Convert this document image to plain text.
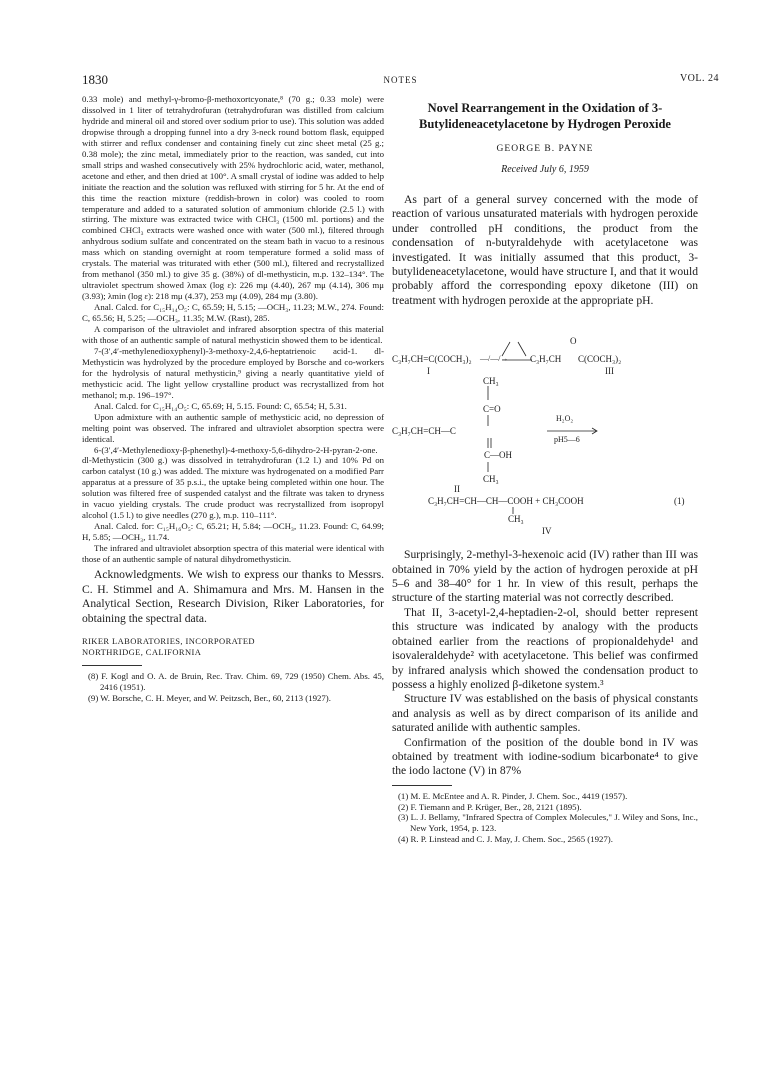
1830	NOTES	VOL. 24

0.33 mole) and methyl-γ-bromo-β-methoxortcyonate,⁸ (70 g.; 0.33 mole) were dissolved in 1 liter of tetrahydrofuran (tetrahydrofuran was distilled from calcium hydride and mineral oil and stored over sodium prior to use). This solution was added dropwise through a dropping funnel into a dry 3-neck round bottom flask, equipped with stirrer and reflux condenser and containing finely cut zinc sheet metal (25 g.; 0.38 mole); the zinc metal, immediately prior to the reaction, was sanded, cut into small strips and washed consecutively with 25% hydrochloric acid, water, methanol, acetone and ether, and then dried at 100°. A small crystal of iodine was added to help initiate the reaction and the solution was refluxed with stirring for 5 hr. At the end of this time the reaction mixture (reddish-brown in color) was cooled to room temperature and added to a saturated solution of ammonium chloride (2.5 l.) with stirring. The mixture was extracted twice with CHCl₃ (1500 ml. portions) and the combined CHCl₃ extracts were washed once with water (500 ml.), filtered through anhydrous sodium sulfate and concentrated on the steam bath in vacuo to a resinous mass which on standing overnight at room temperature formed a solid mass of crystals. The material was triturated with ether (500 ml.), filtered and recrystallized from methanol (350 ml.) to give 35 g. (38%) of dl-methysticin, m.p. 132–134°. The ultraviolet spectrum showed λmax (log ε): 226 mμ (4.40), 267 mμ (4.14), 306 mμ (3.93); λmin (log ε): 218 mμ (4.37), 253 mμ (4.09), 284 mμ (3.80).

Anal. Calcd. for C₁₅H₁₄O₅: C, 65.59; H, 5.15; —OCH₃, 11.23; M.W., 274. Found: C, 65.56; H, 5.25; —OCH₃, 11.35; M.W. (Rast), 285.

A comparison of the ultraviolet and infrared absorption spectra of this material with those of an authentic sample of natural methysticin showed them to be identical.

7-(3′,4′-methylenedioxyphenyl)-3-methoxy-2,4,6-heptatrienoic acid-1. dl-Methysticin was hydrolyzed by the procedure employed by Borsche and co-workers for the hydrolysis of natural methysticin,⁹ giving a nearly quantitative yield of methysticic acid. The light yellow crystalline product was recrystallized from hot methanol; m.p. 196–197°.

Anal. Calcd. for C₁₅H₁₄O₅: C, 65.69; H, 5.15. Found: C, 65.54; H, 5.31.

Upon admixture with an authentic sample of methysticic acid, no depression of melting point was observed. The infrared and ultraviolet absorption spectra were identical.

6-(3′,4′-Methylenedioxy-β-phenethyl)-4-methoxy-5,6-dihydro-2-H-pyran-2-one. dl-Methysticin (300 g.) was dissolved in tetrahydrofuran (1.2 l.) and 10% Pd on carbon catalyst (10 g.) was added. The mixture was hydrogenated on a modified Parr apparatus at a pressure of 35 p.s.i., the uptake being completed within one hour. The solution was filtered free of suspended catalyst and the filtrate was taken to dryness in vacuo yielding crystals. The crude product was recrystallized from isopropyl alcohol (1.5 l.) to give needles (270 g.), m.p. 110–111°.

Anal. Calcd. for: C₁₅H₁₆O₅: C, 65.21; H, 5.84; —OCH₃, 11.23. Found: C, 64.99; H, 5.85; —OCH₃, 11.74.

The infrared and ultraviolet absorption spectra of this material were identical with those of an authentic sample of natural dihydromethysticin.

Acknowledgments. We wish to express our thanks to Messrs. C. H. Stimmel and A. Shimamura and Mrs. M. Hansen in the Analytical Section, Research Division, Riker Laboratories, for obtaining the spectral data.

RIKER LABORATORIES, INCORPORATED
NORTHRIDGE, CALIFORNIA

(8) F. Kogl and O. A. de Bruin, Rec. Trav. Chim. 69, 729 (1950) Chem. Abs. 45, 2416 (1951).

(9) W. Borsche, C. H. Meyer, and W. Peitzsch, Ber., 60, 2113 (1927).

Novel Rearrangement in the Oxidation of 3-Butylideneacetylacetone by Hydrogen Peroxide
GEORGE B. PAYNE
Received July 6, 1959

As part of a general survey concerned with the mode of reaction of various unsaturated materials with hydrogen peroxide under controlled pH conditions, the product from the condensation of n-butyraldehyde with acetylacetone was investigated. It was initially assumed that this product, 3-butylideneacetylacetone, would have structure I, and that it would probably afford the corresponding epoxy diketone (III) on treatment with hydrogen peroxide at the appropriate pH.

C₃H₇CH=C(COCH₃)₂ —/—/→ C₃H₇CH C(COCH₃)₂
O
I	III
CH₃
C=O
C₃H₇CH=CH—C
H₂O₂
pH5—6
C—OH
CH₃
II
C₃H₇CH=CH—CH—COOH + CH₃COOH	(1)
CH₃
IV

Surprisingly, 2-methyl-3-hexenoic acid (IV) rather than III was obtained in 70% yield by the action of hydrogen peroxide at pH 5–6 and 38–40° for 1 hr. In view of this result, perhaps the structure of the starting material was not correctly described.

That II, 3-acetyl-2,4-heptadien-2-ol, should better represent this structure was indicated by analogy with the products obtained earlier from the reactions of propionaldehyde¹ and isovaleraldehyde² with acetylacetone. This belief was confirmed by infrared analysis which showed the condensation product to possess a highly enolized β-diketone system.³

Structure IV was established on the basis of physical constants and analysis as well as by direct comparison of its anilide and saturated anilide with authentic samples.

Confirmation of the position of the double bond in IV was obtained by treatment with iodine-sodium bicarbonate⁴ to give the iodo lactone (V) in 87%

(1) M. E. McEntee and A. R. Pinder, J. Chem. Soc., 4419 (1957).

(2) F. Tiemann and P. Krüger, Ber., 28, 2121 (1895).

(3) L. J. Bellamy, "Infrared Spectra of Complex Molecules," J. Wiley and Sons, Inc., New York, 1954, p. 123.

(4) R. P. Linstead and C. J. May, J. Chem. Soc., 2565 (1927).
